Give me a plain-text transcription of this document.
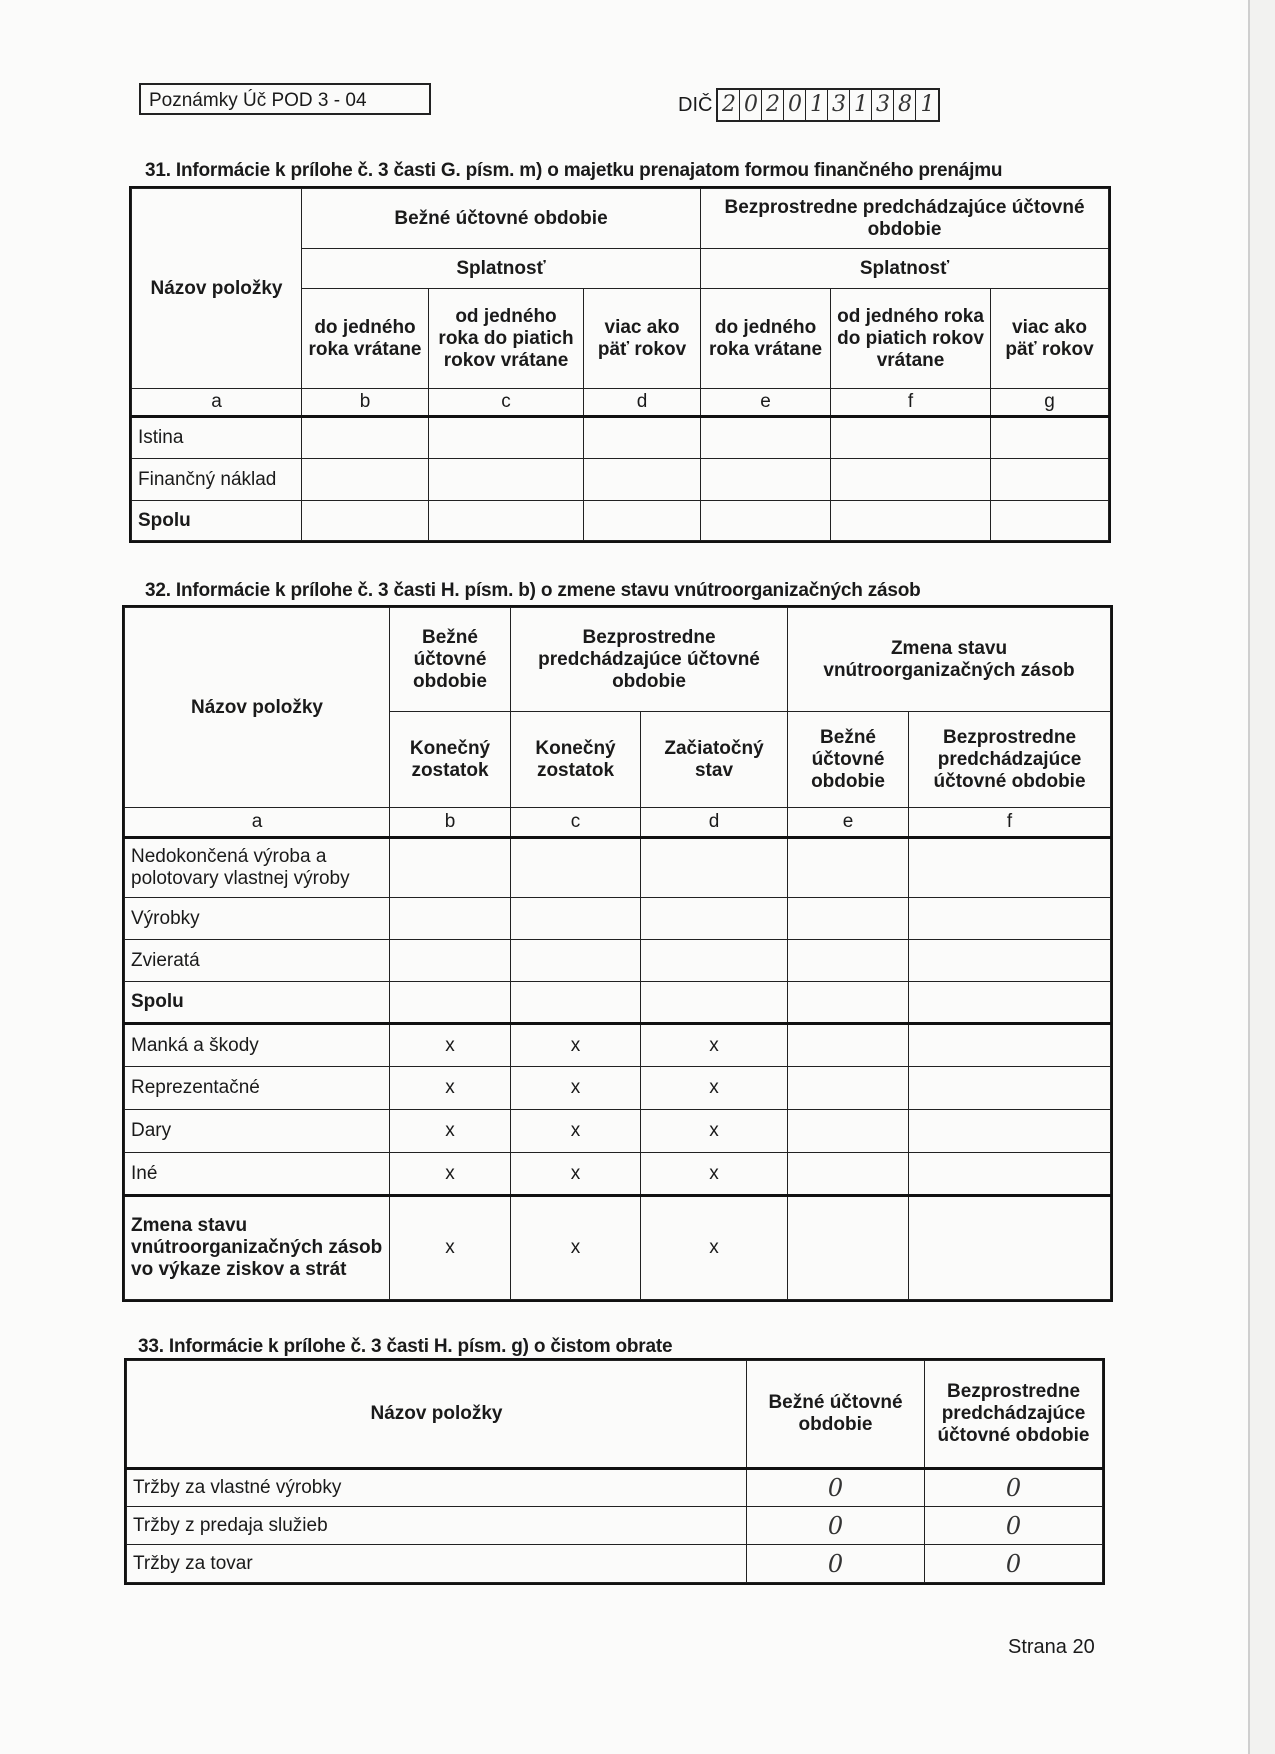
Poznámky Úč POD 3 - 04	DIČ 2 0 2 0 1 3 1 3 8 1
31. Informácie k prílohe č. 3 časti G. písm. m) o majetku prenajatom formou finančného prenájmu
Názov položky	Bežné účtovné obdobie			Bezprostredne predchádzajúce účtovné obdobie		
	Splatnosť			Splatnosť		
	do jedného roka vrátane	od jedného roka do piatich rokov vrátane	viac ako päť rokov	do jedného roka vrátane	od jedného roka do piatich rokov vrátane	viac ako päť rokov
a	b	c	d	e	f	g
Istina						
Finančný náklad						
Spolu						
32. Informácie k prílohe č. 3 časti H. písm. b) o zmene stavu vnútroorganizačných zásob
Názov položky	Bežné účtovné obdobie	Bezprostredne predchádzajúce účtovné obdobie		Zmena stavu vnútroorganizačných zásob	
	Konečný zostatok	Konečný zostatok	Začiatočný stav	Bežné účtovné obdobie	Bezprostredne predchádzajúce účtovné obdobie
a	b	c	d	e	f
Nedokončená výroba a polotovary vlastnej výroby					
Výrobky					
Zvieratá					
Spolu					
Manká a škody	x	x	x		
Reprezentačné	x	x	x		
Dary	x	x	x		
Iné	x	x	x		
Zmena stavu vnútroorganizačných zásob vo výkaze ziskov a strát	x	x	x		
33. Informácie k prílohe č. 3 časti H. písm. g) o čistom obrate
Názov položky	Bežné účtovné obdobie	Bezprostredne predchádzajúce účtovné obdobie
Tržby za vlastné výrobky	0	0
Tržby z predaja služieb	0	0
Tržby za tovar	0	0
Strana 20
